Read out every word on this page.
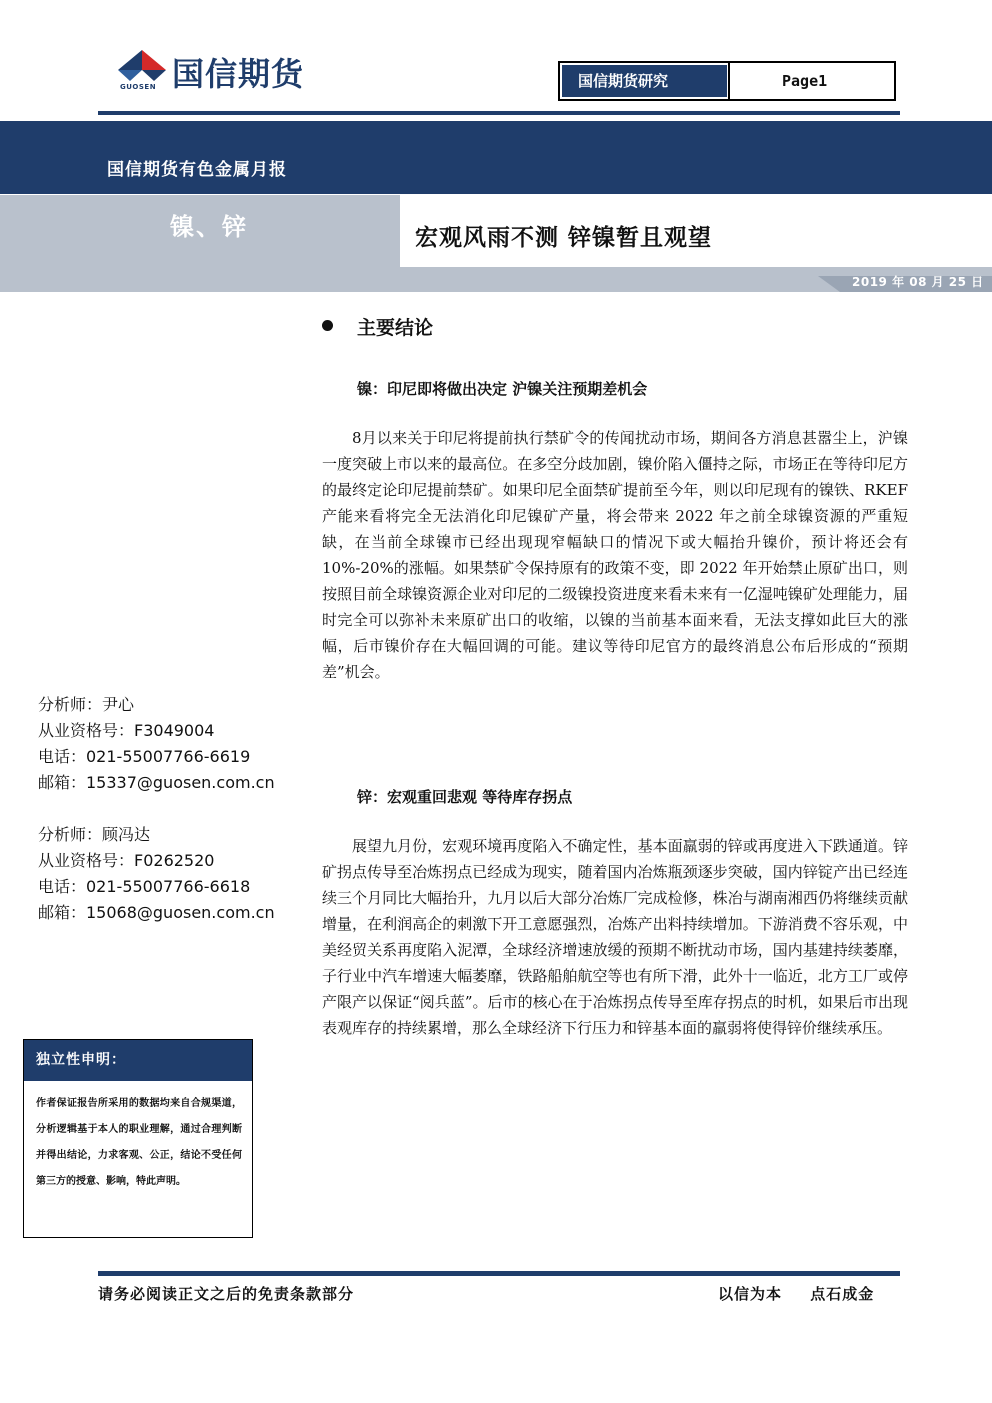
GUOSEN 国信期货	国信期货研究	Page1
国信期货有色金属月报
镍、锌	宏观风雨不测 锌镍暂且观望
2019 年 08 月 25 日
主要结论
镍：印尼即将做出决定 沪镍关注预期差机会
8月以来关于印尼将提前执行禁矿令的传闻扰动市场，期间各方消息甚嚣尘上，沪镍一度突破上市以来的最高位。在多空分歧加剧，镍价陷入僵持之际，市场正在等待印尼方的最终定论印尼提前禁矿。如果印尼全面禁矿提前至今年，则以印尼现有的镍铁、RKEF 产能来看将完全无法消化印尼镍矿产量，将会带来 2022 年之前全球镍资源的严重短缺，在当前全球镍市已经出现现窄幅缺口的情况下或大幅抬升镍价，预计将还会有 10%-20%的涨幅。如果禁矿令保持原有的政策不变，即 2022 年开始禁止原矿出口，则按照目前全球镍资源企业对印尼的二级镍投资进度来看未来有一亿湿吨镍矿处理能力，届时完全可以弥补未来原矿出口的收缩，以镍的当前基本面来看，无法支撑如此巨大的涨幅，后市镍价存在大幅回调的可能。建议等待印尼官方的最终消息公布后形成的“预期差”机会。
锌：宏观重回悲观 等待库存拐点
展望九月份，宏观环境再度陷入不确定性，基本面羸弱的锌或再度进入下跌通道。锌矿拐点传导至冶炼拐点已经成为现实，随着国内冶炼瓶颈逐步突破，国内锌锭产出已经连续三个月同比大幅抬升，九月以后大部分冶炼厂完成检修，株冶与湖南湘西仍将继续贡献增量，在利润高企的刺激下开工意愿强烈，冶炼产出料持续增加。下游消费不容乐观，中美经贸关系再度陷入泥潭，全球经济增速放缓的预期不断扰动市场，国内基建持续萎靡，子行业中汽车增速大幅萎靡，铁路船舶航空等也有所下滑，此外十一临近，北方工厂或停产限产以保证“阅兵蓝”。后市的核心在于冶炼拐点传导至库存拐点的时机，如果后市出现表观库存的持续累增，那么全球经济下行压力和锌基本面的羸弱将使得锌价继续承压。
分析师：尹心
从业资格号：F3049004
电话：021-55007766-6619
邮箱：15337@guosen.com.cn
分析师：顾冯达
从业资格号：F0262520
电话：021-55007766-6618
邮箱：15068@guosen.com.cn
独立性申明：
作者保证报告所采用的数据均来自合规渠道，分析逻辑基于本人的职业理解，通过合理判断并得出结论，力求客观、公正，结论不受任何第三方的授意、影响，特此声明。
请务必阅读正文之后的免责条款部分	以信为本 点石成金
